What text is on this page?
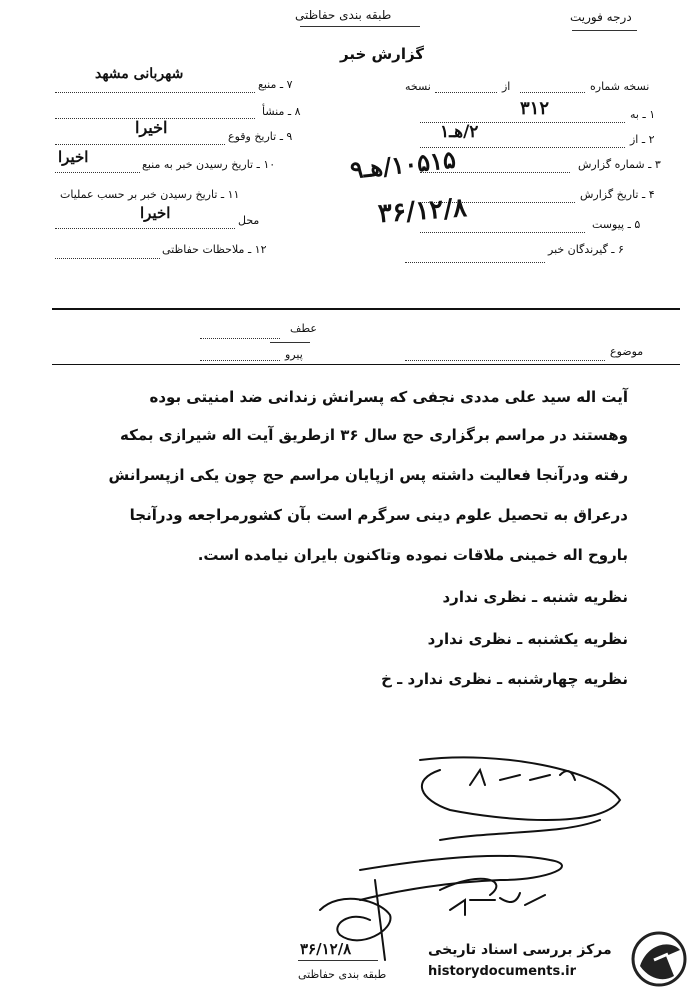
طبقه بندی حفاظتی	درجه فوریت
گزارش خبر
نسخه شماره
از
نسخه
۱ ـ به
۳۱۲
۲ ـ از
۲/هـ۱
۳ ـ شماره گزارش
۱۰۵۱۵/هـ۹
۴ ـ تاریخ گزارش
۳۶/۱۲/۸	۵ ـ پیوست
۶ ـ گیرندگان خبر
۷ ـ منبع
شهربانی مشهد
۸ ـ منشأ
۹ ـ تاریخ وقوع
اخیرا
۱۰ ـ تاریخ رسیدن خبر به منبع
اخیرا
۱۱ ـ تاریخ رسیدن خبر بر حسب عملیات
محل
اخیرا
۱۲ ـ ملاحظات حفاظتی
عطف
پیرو	موضوع
آیت اله سید علی مددی نجفی که پسرانش زندانی ضد امنیتی بوده
وهستند در مراسم برگزاری حج سال ۳۶ ازطریق آیت اله شیرازی بمکه
رفته ودرآنجا فعالیت داشته پس ازپایان مراسم حج چون یکی ازپسرانش
درعراق به تحصیل علوم دینی سرگرم است بآن کشورمراجعه ودرآنجا
باروح اله خمینی ملاقات نموده وتاکنون بایران نیامده است.
نظریه شنبه ـ نظری ندارد
نظریه یکشنبه ـ نظری ندارد
نظریه چهارشنبه ـ نظری ندارد ـ خ
۳۶/۱۲/۸
طبقه بندی حفاظتی
مرکز بررسی اسناد تاریخی
historydocuments.ir
